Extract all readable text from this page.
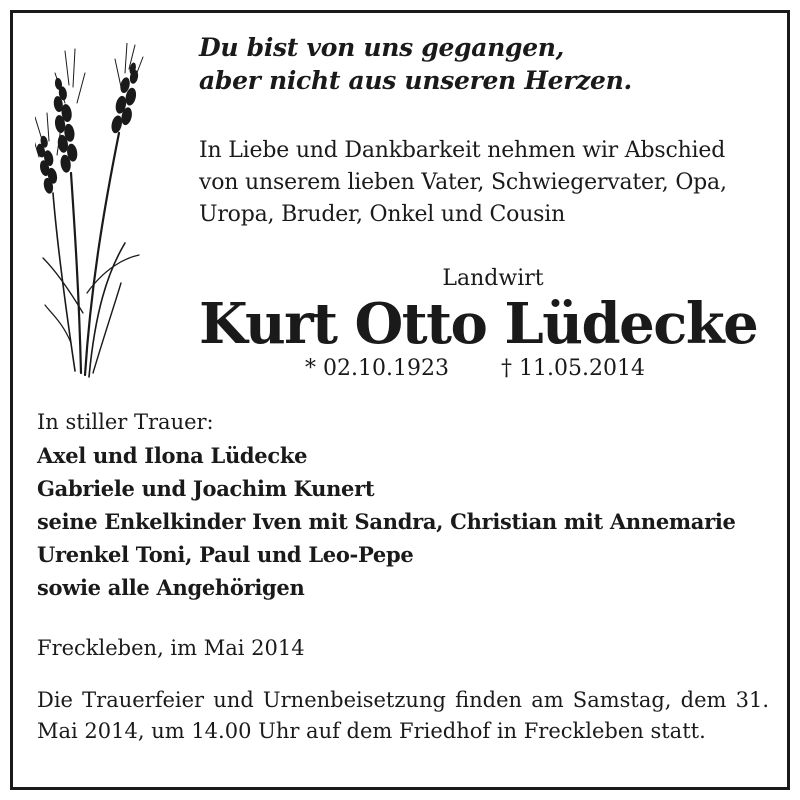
Du bist von uns gegangen,
aber nicht aus unseren Herzen.
In Liebe und Dankbarkeit nehmen wir Abschied
von unserem lieben Vater, Schwiegervater, Opa,
Uropa, Bruder, Onkel und Cousin
Landwirt
Kurt Otto Lüdecke
* 02.10.1923 † 11.05.2014
In stiller Trauer:
Axel und Ilona Lüdecke
Gabriele und Joachim Kunert
seine Enkelkinder Iven mit Sandra, Christian mit Annemarie
Urenkel Toni, Paul und Leo-Pepe
sowie alle Angehörigen
Freckleben, im Mai 2014
Die Trauerfeier und Urnenbeisetzung finden am Samstag, dem 31. Mai 2014, um 14.00 Uhr auf dem Friedhof in Freckleben statt.
